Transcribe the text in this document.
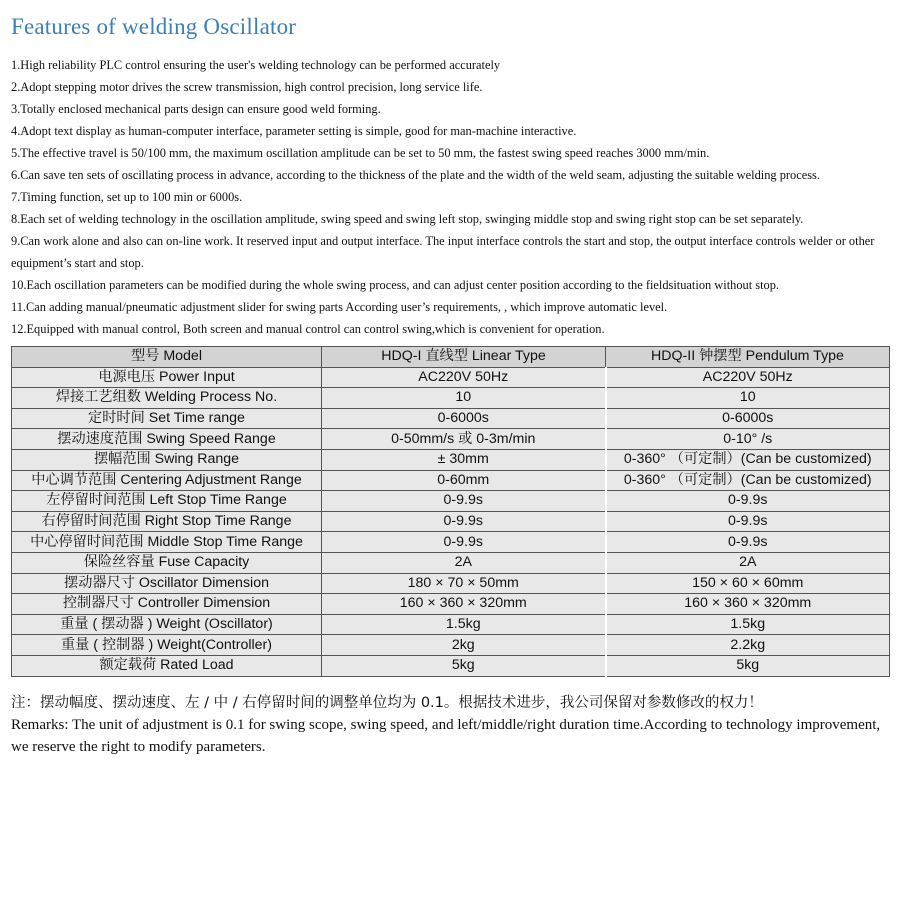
Features of welding Oscillator

1.High reliability PLC control ensuring the user's welding technology can be performed accurately

2.Adopt stepping motor drives the screw transmission, high control precision, long service life.

3.Totally enclosed mechanical parts design can ensure good weld forming.

4.Adopt text display as human-computer interface, parameter setting is simple, good for man-machine interactive.

5.The effective travel is 50/100 mm, the maximum oscillation amplitude can be set to 50 mm, the fastest swing speed reaches 3000 mm/min.

6.Can save ten sets of oscillating process in advance, according to the thickness of the plate and the width of the weld seam, adjusting the suitable welding process.

7.Timing function, set up to 100 min or 6000s.

8.Each set of welding technology in the oscillation amplitude, swing speed and swing left stop, swinging middle stop and swing right stop can be set separately.

9.Can work alone and also can on-line work. It reserved input and output interface. The input interface controls the start and stop, the output interface controls welder or other equipment’s start and stop.

10.Each oscillation parameters can be modified during the whole swing process, and can adjust center position according to the fieldsituation without stop.

11.Can adding manual/pneumatic adjustment slider for swing parts According user’s requirements, , which improve automatic level.

12.Equipped with manual control, Both screen and manual control can control swing,which is convenient for operation.

型号 Model	HDQ-I 直线型 Linear Type	HDQ-II 钟摆型 Pendulum Type
电源电压 Power Input	AC220V 50Hz	AC220V 50Hz
焊接工艺组数 Welding Process No.	10	10
定时时间 Set Time range	0-6000s	0-6000s
摆动速度范围 Swing Speed Range	0-50mm/s 或 0-3m/min	0-10° /s
摆幅范围 Swing Range	± 30mm	0-360° （可定制）(Can be customized)
中心调节范围 Centering Adjustment Range	0-60mm	0-360° （可定制）(Can be customized)
左停留时间范围 Left Stop Time Range	0-9.9s	0-9.9s
右停留时间范围 Right Stop Time Range	0-9.9s	0-9.9s
中心停留时间范围 Middle Stop Time Range	0-9.9s	0-9.9s
保险丝容量 Fuse Capacity	2A	2A
摆动器尺寸 Oscillator Dimension	180 × 70 × 50mm	150 × 60 × 60mm
控制器尺寸 Controller Dimension	160 × 360 × 320mm	160 × 360 × 320mm
重量 ( 摆动器 ) Weight (Oscillator)	1.5kg	1.5kg
重量 ( 控制器 ) Weight(Controller)	2kg	2.2kg
额定载荷 Rated Load	5kg	5kg
注：摆动幅度、摆动速度、左 / 中 / 右停留时间的调整单位均为 0.1。根据技术进步，我公司保留对参数修改的权力！
Remarks: The unit of adjustment is 0.1 for swing scope, swing speed, and left/middle/right duration time.According to technology improvement, we reserve the right to modify parameters.
